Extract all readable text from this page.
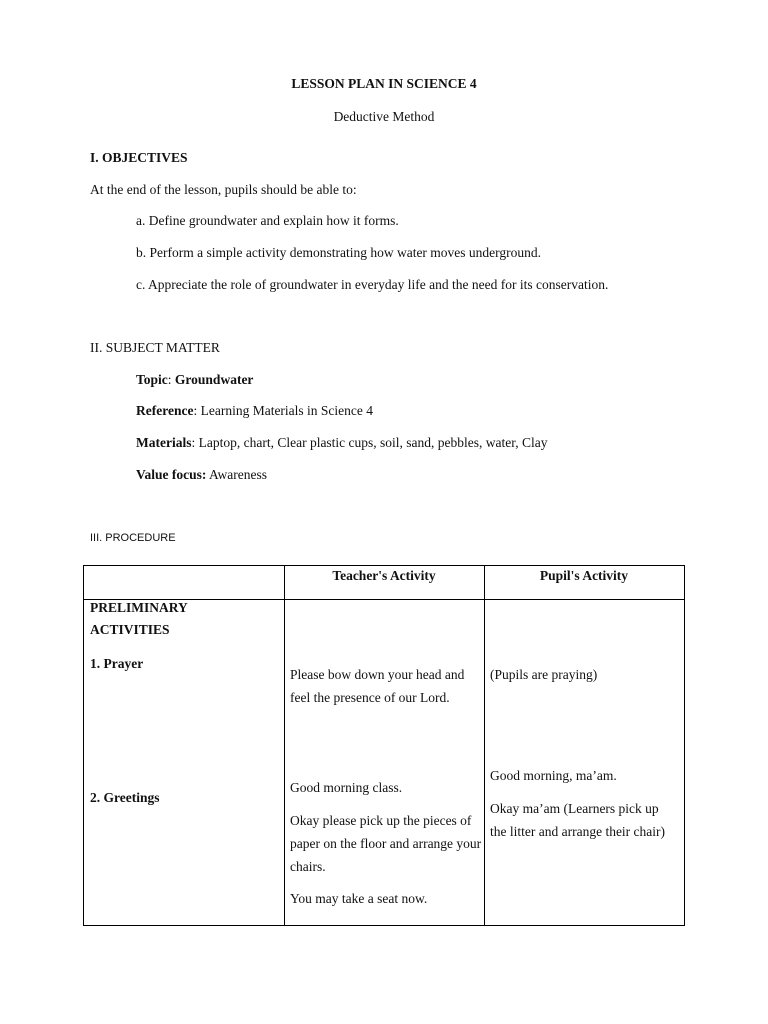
LESSON PLAN IN SCIENCE 4
Deductive Method
I. OBJECTIVES
At the end of the lesson, pupils should be able to:
a. Define groundwater and explain how it forms.
b. Perform a simple activity demonstrating how water moves underground.
c. Appreciate the role of groundwater in everyday life and the need for its conservation.
II. SUBJECT MATTER
Topic: Groundwater
Reference: Learning Materials in Science 4
Materials: Laptop, chart, Clear plastic cups, soil, sand, pebbles, water, Clay
Value focus: Awareness
III. PROCEDURE
Teacher's Activity	Pupil's Activity
PRELIMINARY
ACTIVITIES
1. Prayer
2. Greetings
Please bow down your head and feel the presence of our Lord.
Good morning class.
Okay please pick up the pieces of paper on the floor and arrange your chairs.
You may take a seat now.
(Pupils are praying)
Good morning, ma’am.
Okay ma’am (Learners pick up the litter and arrange their chair)
